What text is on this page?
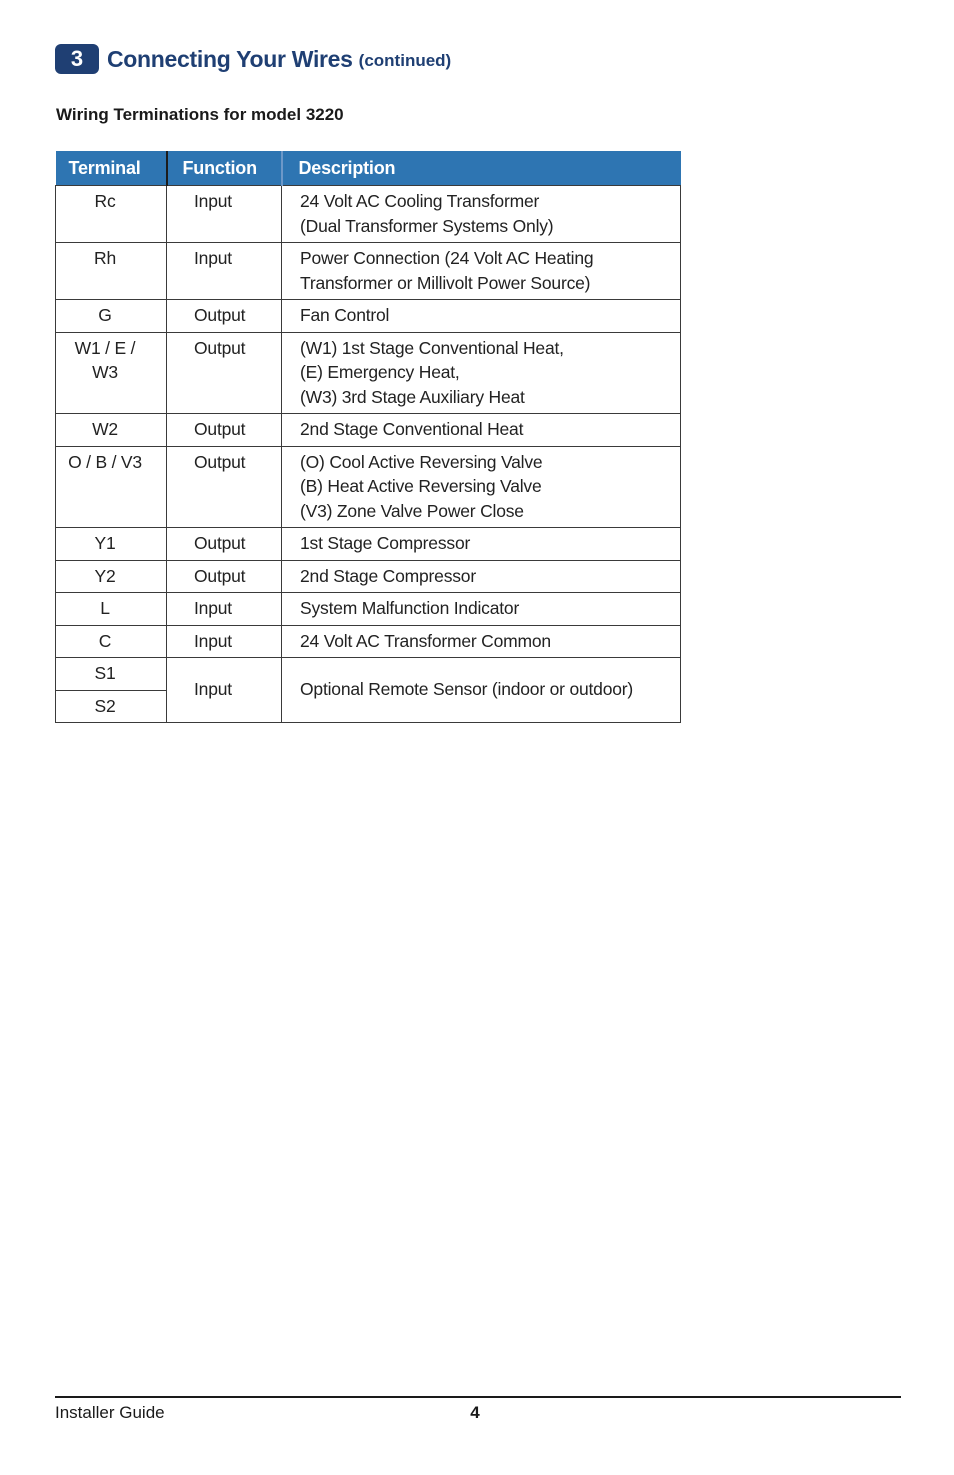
3	Connecting Your Wires (continued)
Wiring Terminations for model 3220
Terminal	Function	Description
Rc	Input	24 Volt AC Cooling Transformer
(Dual Transformer Systems Only)

Rh	Input	Power Connection (24 Volt AC Heating
Transformer or Millivolt Power Source)

G	Output	Fan Control

W1 / E / W3	Output	(W1) 1st Stage Conventional Heat,
(E) Emergency Heat,
(W3) 3rd Stage Auxiliary Heat

W2	Output	2nd Stage Conventional Heat

O / B / V3	Output	(O) Cool Active Reversing Valve
(B) Heat Active Reversing Valve
(V3) Zone Valve Power Close

Y1	Output	1st Stage Compressor

Y2	Output	2nd Stage Compressor

L	Input	System Malfunction Indicator

C	Input	24 Volt AC Transformer Common

S1	Input	Optional Remote Sensor (indoor or outdoor)
S2		
Installer Guide	4
